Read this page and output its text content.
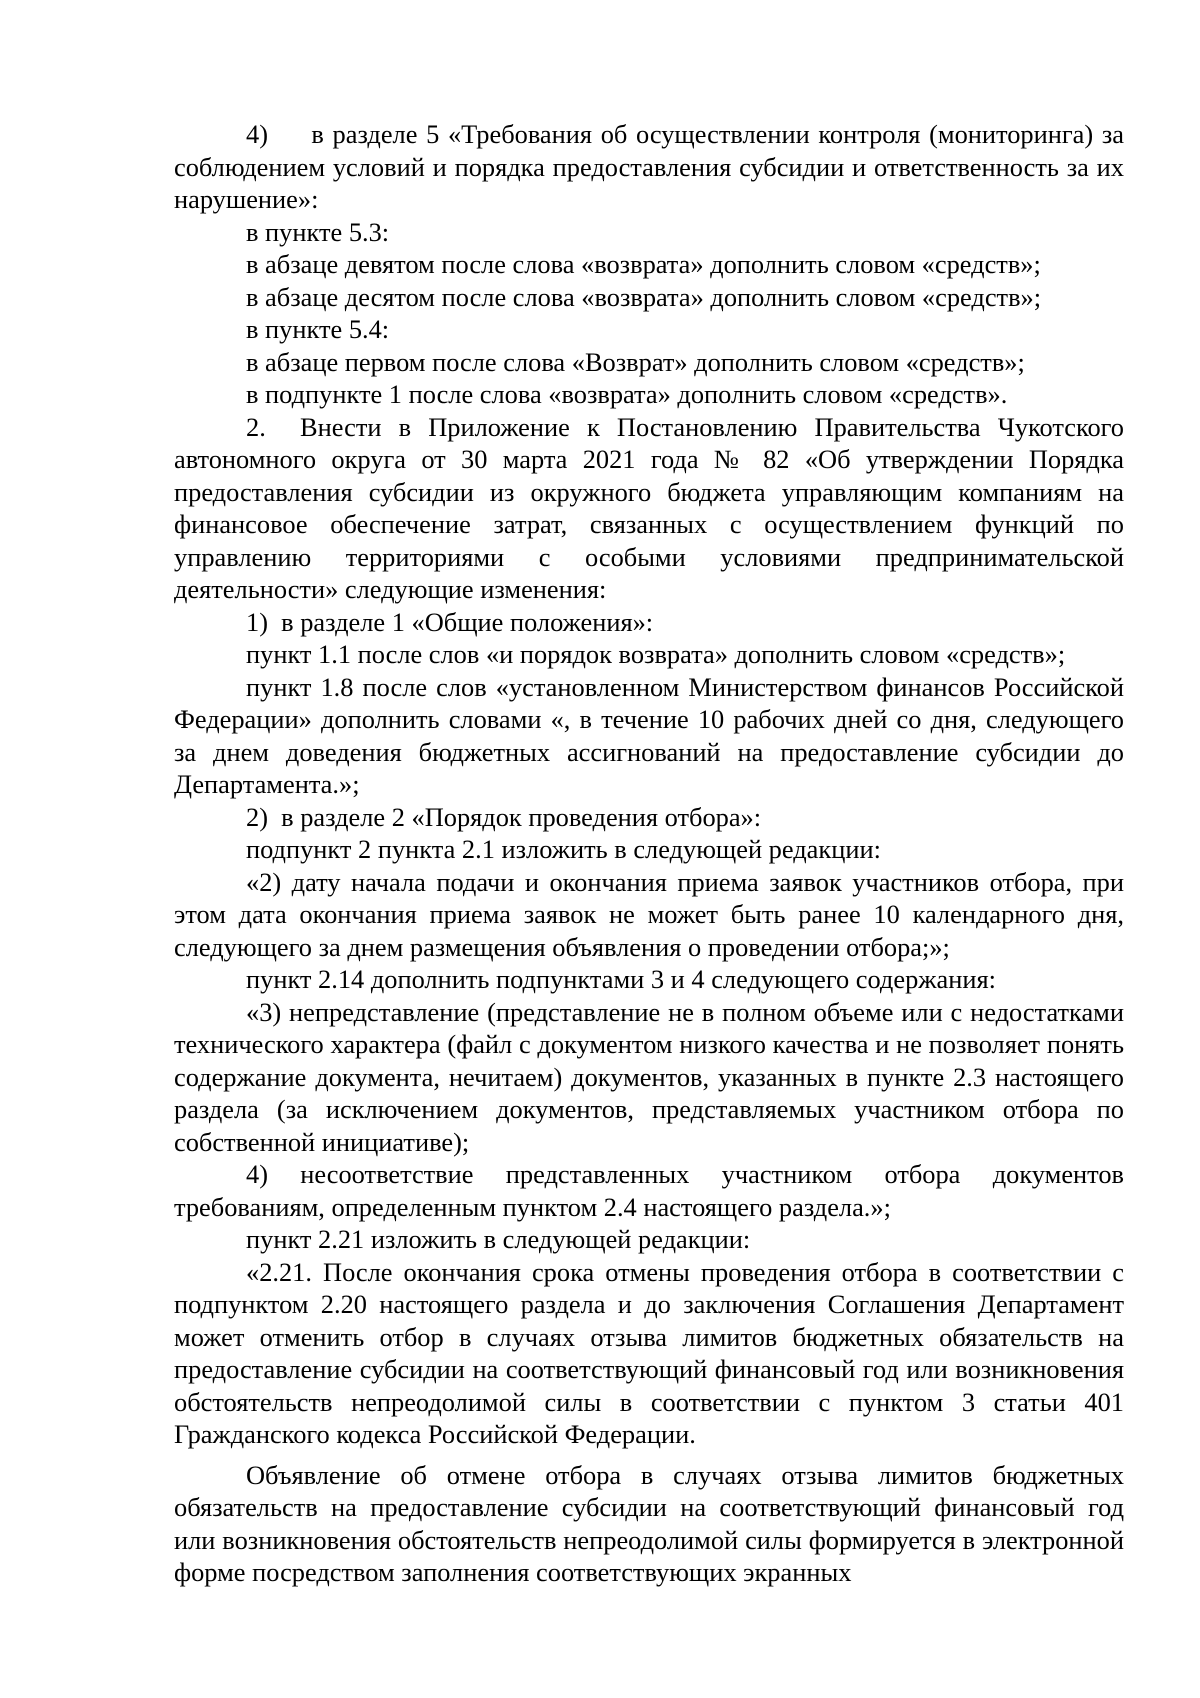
4)     в разделе 5 «Требования об осуществлении контроля (мониторинга) за соблюдением условий и порядка предоставления субсидии и ответственность за их нарушение»:

в пункте 5.3:

в абзаце девятом после слова «возврата» дополнить словом «средств»;

в абзаце десятом после слова «возврата» дополнить словом «средств»;

в пункте 5.4:

в абзаце первом после слова «Возврат» дополнить словом «средств»;

в подпункте 1 после слова «возврата» дополнить словом «средств».

2.  Внести в Приложение к Постановлению Правительства Чукотского автономного округа от 30 марта 2021 года № 82 «Об утверждении Порядка предоставления субсидии из окружного бюджета управляющим компаниям на финансовое обеспечение затрат, связанных с осуществлением функций по управлению территориями с особыми условиями предпринимательской деятельности» следующие изменения:

1)  в разделе 1 «Общие положения»:

пункт 1.1 после слов «и порядок возврата» дополнить словом «средств»;

пункт 1.8 после слов «установленном Министерством финансов Российской Федерации» дополнить словами «, в течение 10 рабочих дней со дня, следующего за днем доведения бюджетных ассигнований на предоставление субсидии до Департамента.»;

2)  в разделе 2 «Порядок проведения отбора»:

подпункт 2 пункта 2.1 изложить в следующей редакции:

«2) дату начала подачи и окончания приема заявок участников отбора, при этом дата окончания приема заявок не может быть ранее 10 календарного дня, следующего за днем размещения объявления о проведении отбора;»;

пункт 2.14 дополнить подпунктами 3 и 4 следующего содержания:

«3) непредставление (представление не в полном объеме или с недостатками технического характера (файл с документом низкого качества и не позволяет понять содержание документа, нечитаем) документов, указанных в пункте 2.3 настоящего раздела (за исключением документов, представляемых участником отбора по собственной инициативе);

4) несоответствие представленных участником отбора документов требованиям, определенным пунктом 2.4 настоящего раздела.»;

пункт 2.21 изложить в следующей редакции:

«2.21. После окончания срока отмены проведения отбора в соответствии с подпунктом 2.20 настоящего раздела и до заключения Соглашения Департамент может отменить отбор в случаях отзыва лимитов бюджетных обязательств на предоставление субсидии на соответствующий финансовый год или возникновения обстоятельств непреодолимой силы в соответствии с пунктом 3 статьи 401 Гражданского кодекса Российской Федерации.

Объявление об отмене отбора в случаях отзыва лимитов бюджетных обязательств на предоставление субсидии на соответствующий финансовый год или возникновения обстоятельств непреодолимой силы формируется в электронной форме посредством заполнения соответствующих экранных
